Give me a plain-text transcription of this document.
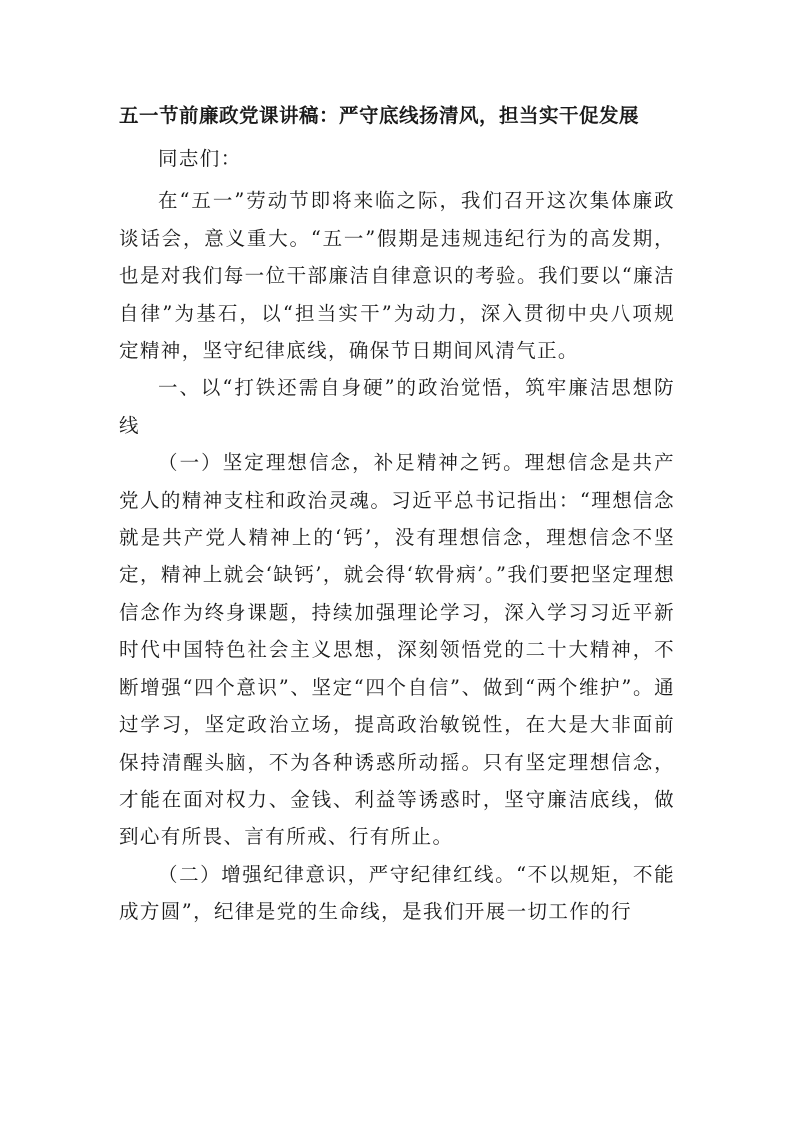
五一节前廉政党课讲稿：严守底线扬清风，担当实干促发展

同志们：

在“五一”劳动节即将来临之际，我们召开这次集体廉政谈话会，意义重大。“五一”假期是违规违纪行为的高发期，也是对我们每一位干部廉洁自律意识的考验。我们要以“廉洁自律”为基石，以“担当实干”为动力，深入贯彻中央八项规定精神，坚守纪律底线，确保节日期间风清气正。

一、以“打铁还需自身硬”的政治觉悟，筑牢廉洁思想防线

（一）坚定理想信念，补足精神之钙。理想信念是共产党人的精神支柱和政治灵魂。习近平总书记指出：“理想信念就是共产党人精神上的‘钙’，没有理想信念，理想信念不坚定，精神上就会‘缺钙’，就会得‘软骨病’。”我们要把坚定理想信念作为终身课题，持续加强理论学习，深入学习习近平新时代中国特色社会主义思想，深刻领悟党的二十大精神，不断增强“四个意识”、坚定“四个自信”、做到“两个维护”。通过学习，坚定政治立场，提高政治敏锐性，在大是大非面前保持清醒头脑，不为各种诱惑所动摇。只有坚定理想信念，才能在面对权力、金钱、利益等诱惑时，坚守廉洁底线，做到心有所畏、言有所戒、行有所止。

（二）增强纪律意识，严守纪律红线。“不以规矩，不能成方圆”，纪律是党的生命线，是我们开展一切工作的行
